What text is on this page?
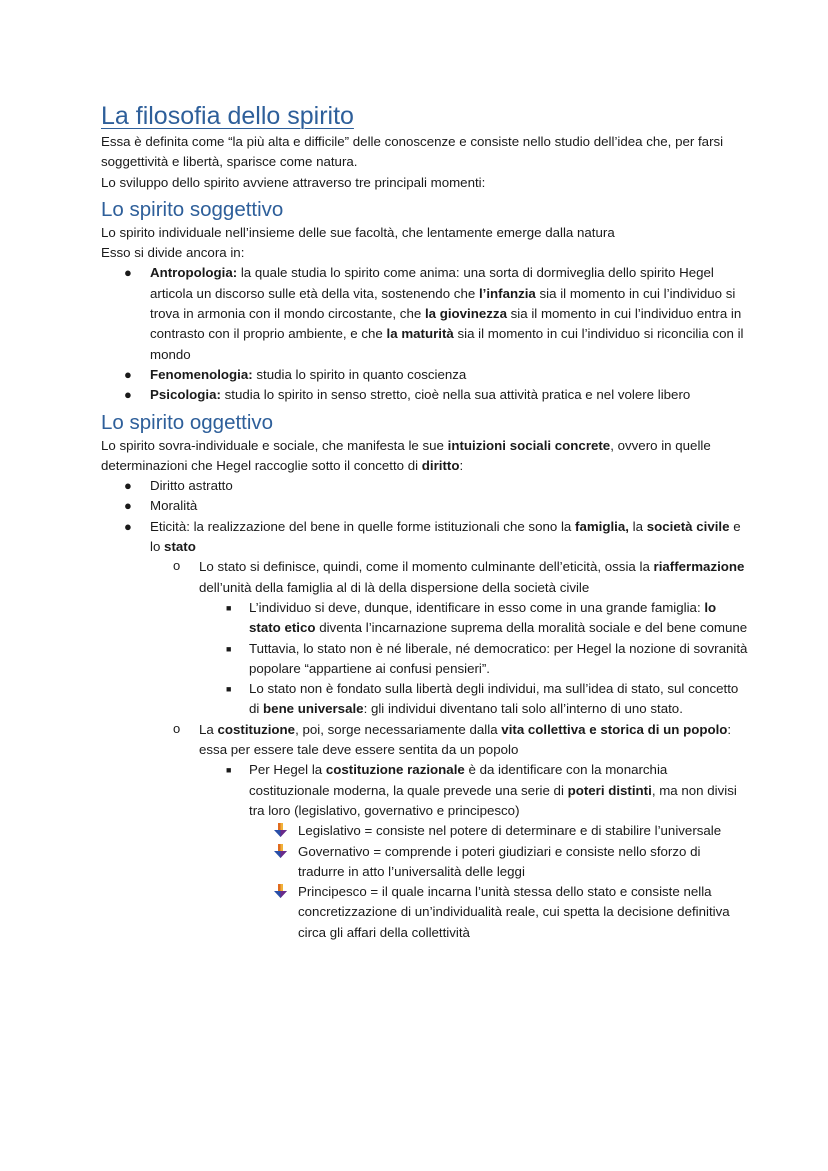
La filosofia dello spirito

Essa è definita come “la più alta e difficile” delle conoscenze e consiste nello studio dell’idea che, per farsi soggettività e libertà, sparisce come natura.

Lo sviluppo dello spirito avviene attraverso tre principali momenti:

Lo spirito soggettivo

Lo spirito individuale nell’insieme delle sue facoltà, che lentamente emerge dalla natura

Esso si divide ancora in:

● Antropologia: la quale studia lo spirito come anima: una sorta di dormiveglia dello spirito Hegel articola un discorso sulle età della vita, sostenendo che l’infanzia sia il momento in cui l’individuo si trova in armonia con il mondo circostante, che la giovinezza sia il momento in cui l’individuo entra in contrasto con il proprio ambiente, e che la maturità sia il momento in cui l’individuo si riconcilia con il mondo
● Fenomenologia: studia lo spirito in quanto coscienza
● Psicologia: studia lo spirito in senso stretto, cioè nella sua attività pratica e nel volere libero
Lo spirito oggettivo

Lo spirito sovra-individuale e sociale, che manifesta le sue intuizioni sociali concrete, ovvero in quelle determinazioni che Hegel raccoglie sotto il concetto di diritto:

● Diritto astratto
● Moralità
● Eticità: la realizzazione del bene in quelle forme istituzionali che sono la famiglia, la società civile e lo stato
o Lo stato si definisce, quindi, come il momento culminante dell’eticità, ossia la riaffermazione dell’unità della famiglia al di là della dispersione della società civile
■ L’individuo si deve, dunque, identificare in esso come in una grande famiglia: lo stato etico diventa l’incarnazione suprema della moralità sociale e del bene comune
■ Tuttavia, lo stato non è né liberale, né democratico: per Hegel la nozione di sovranità popolare “appartiene ai confusi pensieri”.
■ Lo stato non è fondato sulla libertà degli individui, ma sull’idea di stato, sul concetto di bene universale: gli individui diventano tali solo all’interno di uno stato.
o La costituzione, poi, sorge necessariamente dalla vita collettiva e storica di un popolo: essa per essere tale deve essere sentita da un popolo
■ Per Hegel la costituzione razionale è da identificare con la monarchia costituzionale moderna, la quale prevede una serie di poteri distinti, ma non divisi tra loro (legislativo, governativo e principesco)
Legislativo = consiste nel potere di determinare e di stabilire l’universale
Governativo = comprende i poteri giudiziari e consiste nello sforzo di tradurre in atto l’universalità delle leggi
Principesco = il quale incarna l’unità stessa dello stato e consiste nella concretizzazione di un’individualità reale, cui spetta la decisione definitiva circa gli affari della collettività
